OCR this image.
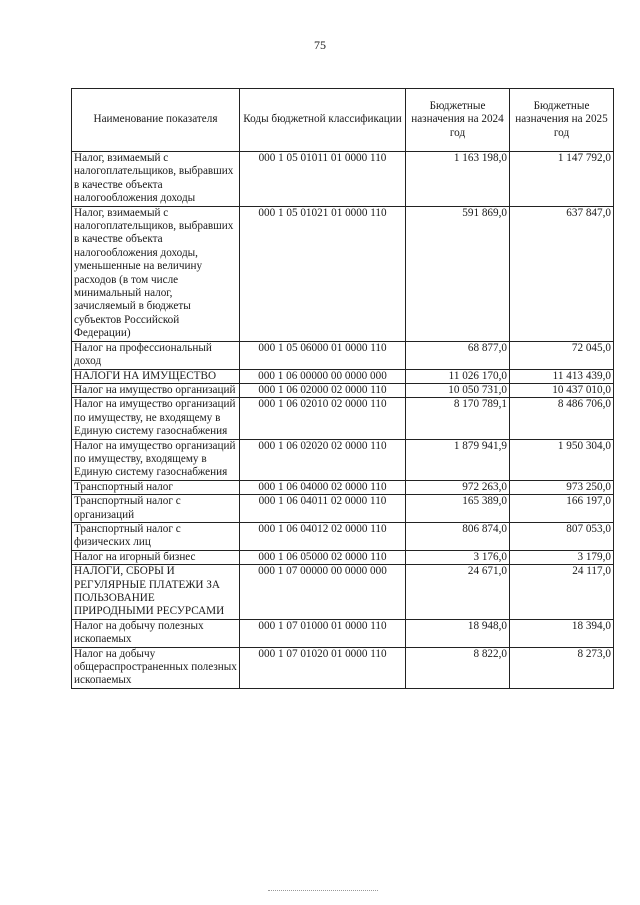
75
Наименование показателя	Коды бюджетной классификации	Бюджетные назначения на 2024 год	Бюджетные назначения на 2025 год
Налог, взимаемый с налогоплательщиков, выбравших в качестве объекта налогообложения доходы	000 1 05 01011 01 0000 110	1 163 198,0	1 147 792,0
Налог, взимаемый с налогоплательщиков, выбравших в качестве объекта налогообложения доходы, уменьшенные на величину расходов (в том числе минимальный налог, зачисляемый в бюджеты субъектов Российской Федерации)	000 1 05 01021 01 0000 110	591 869,0	637 847,0
Налог на профессиональный доход	000 1 05 06000 01 0000 110	68 877,0	72 045,0
НАЛОГИ НА ИМУЩЕСТВО	000 1 06 00000 00 0000 000	11 026 170,0	11 413 439,0
Налог на имущество организаций	000 1 06 02000 02 0000 110	10 050 731,0	10 437 010,0
Налог на имущество организаций по имуществу, не входящему в Единую систему газоснабжения	000 1 06 02010 02 0000 110	8 170 789,1	8 486 706,0
Налог на имущество организаций по имуществу, входящему в Единую систему газоснабжения	000 1 06 02020 02 0000 110	1 879 941,9	1 950 304,0
Транспортный налог	000 1 06 04000 02 0000 110	972 263,0	973 250,0
Транспортный налог с организаций	000 1 06 04011 02 0000 110	165 389,0	166 197,0
Транспортный налог с физических лиц	000 1 06 04012 02 0000 110	806 874,0	807 053,0
Налог на игорный бизнес	000 1 06 05000 02 0000 110	3 176,0	3 179,0
НАЛОГИ, СБОРЫ И РЕГУЛЯРНЫЕ ПЛАТЕЖИ ЗА ПОЛЬЗОВАНИЕ ПРИРОДНЫМИ РЕСУРСАМИ	000 1 07 00000 00 0000 000	24 671,0	24 117,0
Налог на добычу полезных ископаемых	000 1 07 01000 01 0000 110	18 948,0	18 394,0
Налог на добычу общераспространенных полезных ископаемых	000 1 07 01020 01 0000 110	8 822,0	8 273,0
